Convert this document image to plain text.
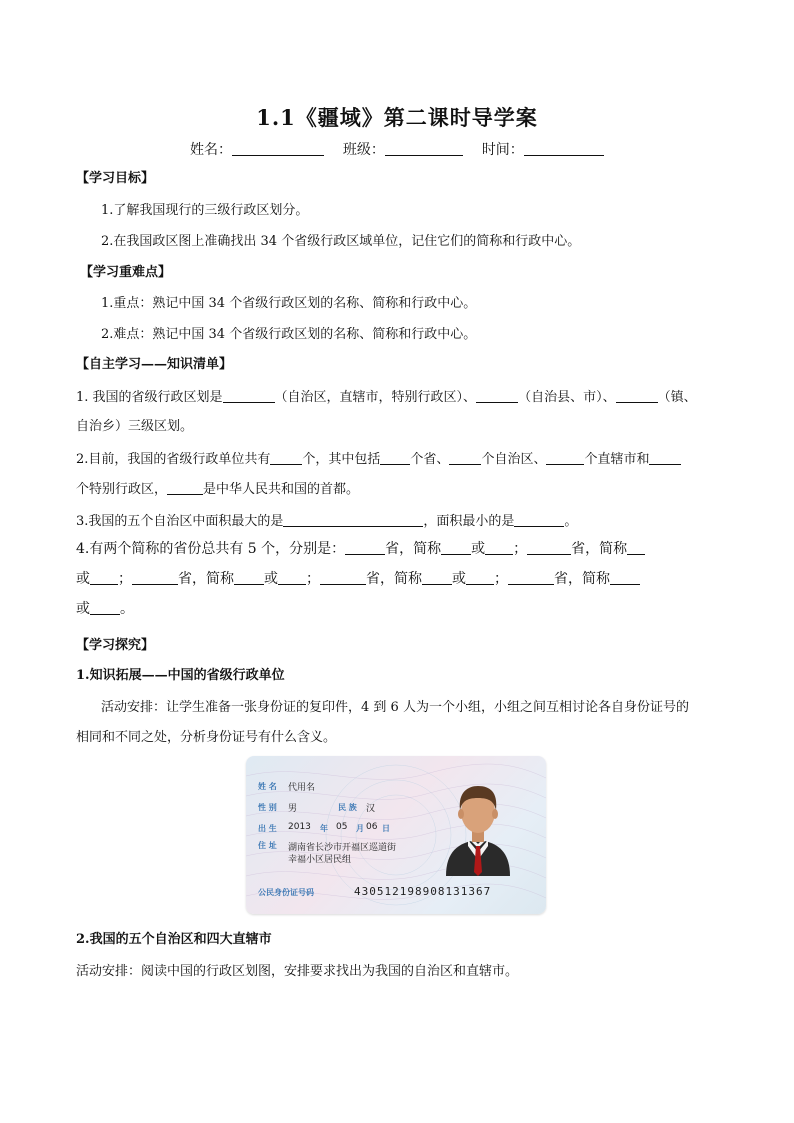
1.1《疆域》第二课时导学案
姓名：	班级：	时间：
【学习目标】
1.了解我国现行的三级行政区划分。
2.在我国政区图上准确找出 34 个省级行政区域单位，记住它们的简称和行政中心。
【学习重难点】
1.重点：熟记中国 34 个省级行政区划的名称、简称和行政中心。
2.难点：熟记中国 34 个省级行政区划的名称、简称和行政中心。
【自主学习——知识清单】
1. 我国的省级行政区划是	（自治区，直辖市，特别行政区）、	（自治县、市）、	（镇、
自治乡）三级区划。
2.目前，我国的省级行政单位共有 个，其中包括 个省、 个自治区、	个直辖市和
个特别行政区，	是中华人民共和国的首都。
3.我国的五个自治区中面积最大的是	，面积最小的是	。
4.有两个简称的省份总共有 5 个，分别是：	省，简称 或 ；	省，简称
或 ；	省，简称 或 ；	省，简称 或 ；	省，简称
或 。
【学习探究】
1.知识拓展——中国的省级行政单位
活动安排：让学生准备一张身份证的复印件，4 到 6 人为一个小组，小组之间互相讨论各自身份证号的
相同和不同之处，分析身份证号有什么含义。
姓 名 代用名
性 别 男	民 族 汉
出 生 2013 年 05 月 06 日
住 址 湖南省长沙市开福区巡道街
幸福小区居民组
公民身份证号码	430512198908131367
2.我国的五个自治区和四大直辖市
活动安排：阅读中国的行政区划图，安排要求找出为我国的自治区和直辖市。
